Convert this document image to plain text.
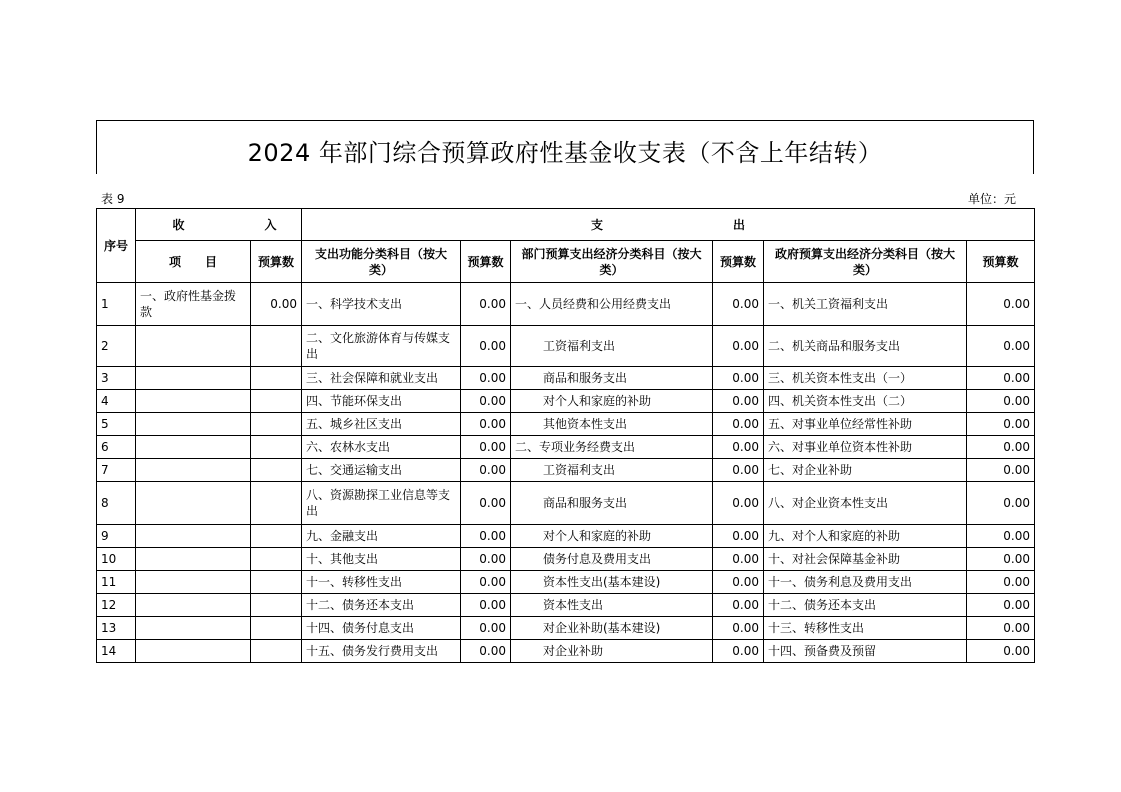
2024 年部门综合预算政府性基金收支表（不含上年结转）
表 9	单位：元
序号	收 入		支 出					
	项　　目	预算数	支出功能分类科目（按大类）	预算数	部门预算支出经济分类科目（按大类）	预算数	政府预算支出经济分类科目（按大类）	预算数
1	一、政府性基金拨款	0.00	一、科学技术支出	0.00	一、人员经费和公用经费支出	0.00	一、机关工资福利支出	0.00
2			二、文化旅游体育与传媒支出	0.00	工资福利支出	0.00	二、机关商品和服务支出	0.00
3			三、社会保障和就业支出	0.00	商品和服务支出	0.00	三、机关资本性支出（一）	0.00
4			四、节能环保支出	0.00	对个人和家庭的补助	0.00	四、机关资本性支出（二）	0.00
5			五、城乡社区支出	0.00	其他资本性支出	0.00	五、对事业单位经常性补助	0.00
6			六、农林水支出	0.00	二、专项业务经费支出	0.00	六、对事业单位资本性补助	0.00
7			七、交通运输支出	0.00	工资福利支出	0.00	七、对企业补助	0.00
8			八、资源勘探工业信息等支出	0.00	商品和服务支出	0.00	八、对企业资本性支出	0.00
9			九、金融支出	0.00	对个人和家庭的补助	0.00	九、对个人和家庭的补助	0.00
10			十、其他支出	0.00	债务付息及费用支出	0.00	十、对社会保障基金补助	0.00
11			十一、转移性支出	0.00	资本性支出(基本建设)	0.00	十一、债务利息及费用支出	0.00
12			十二、债务还本支出	0.00	资本性支出	0.00	十二、债务还本支出	0.00
13			十四、债务付息支出	0.00	对企业补助(基本建设)	0.00	十三、转移性支出	0.00
14			十五、债务发行费用支出	0.00	对企业补助	0.00	十四、预备费及预留	0.00
